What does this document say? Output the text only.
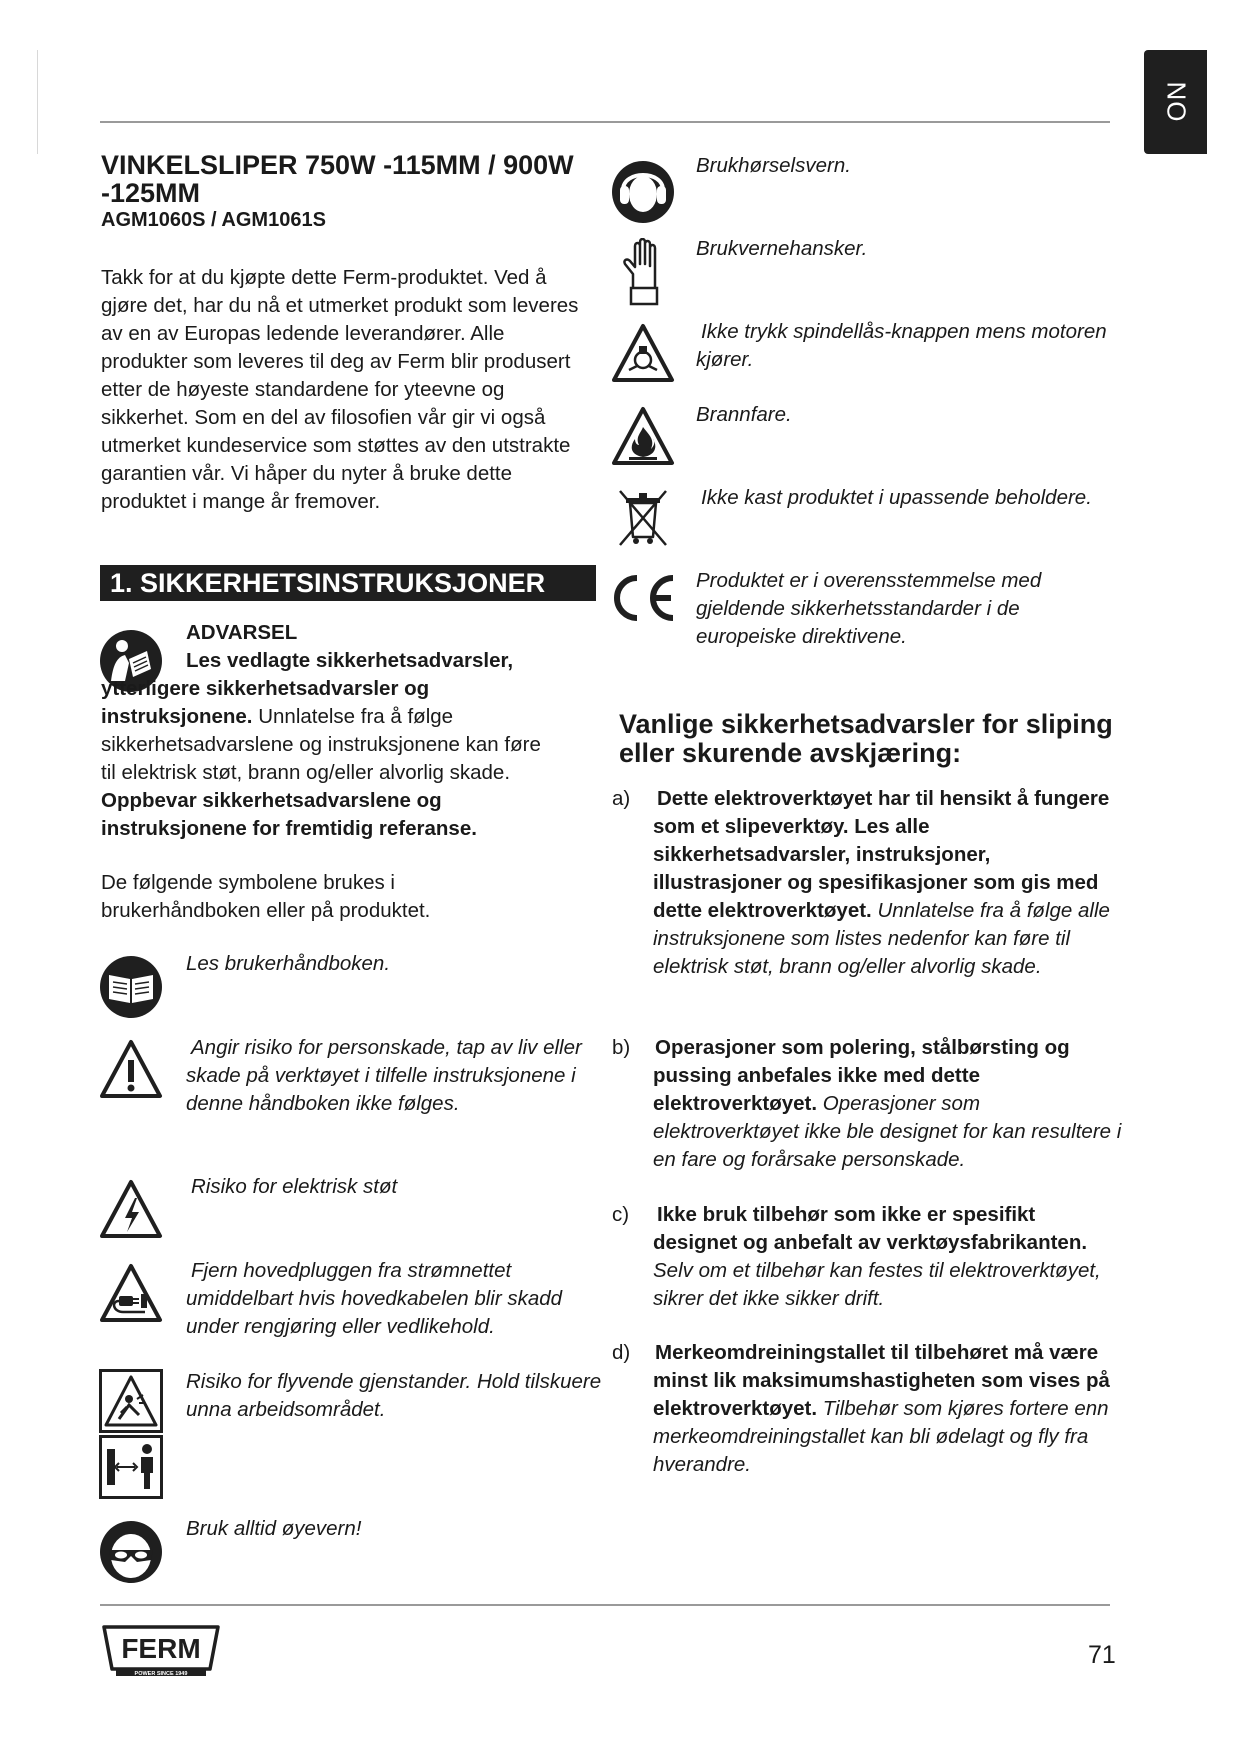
NO
VINKELSLIPER 750W -115MM / 900W -125MM
AGM1060S / AGM1061S
Takk for at du kjøpte dette Ferm-produktet. Ved å gjøre det, har du nå et utmerket produkt som leveres av en av Europas ledende leverandører. Alle produkter som leveres til deg av Ferm blir produsert etter de høyeste standardene for yteevne og sikkerhet. Som en del av filosofien vår gir vi også utmerket kundeservice som støttes av den utstrakte garantien vår. Vi håper du nyter å bruke dette produktet i mange år fremover.
1. SIKKERHETSINSTRUKSJONER
ADVARSEL
Les vedlagte sikkerhetsadvarsler, ytterligere sikkerhetsadvarsler og instruksjonene. Unnlatelse fra å følge sikkerhetsadvarslene og instruksjonene kan føre til elektrisk støt, brann og/eller alvorlig skade. Oppbevar sikkerhetsadvarslene og instruksjonene for fremtidig referanse.
De følgende symbolene brukes i brukerhåndboken eller på produktet.
Les brukerhåndboken.
Angir risiko for personskade, tap av liv eller skade på verktøyet i tilfelle instruksjonene i denne håndboken ikke følges.
Risiko for elektrisk støt
Fjern hovedpluggen fra strømnettet umiddelbart hvis hovedkabelen blir skadd under rengjøring eller vedlikehold.
Risiko for flyvende gjenstander. Hold tilskuere unna arbeidsområdet.
Bruk alltid øyevern!
Brukhørselsvern.
Brukvernehansker.
Ikke trykk spindellås-knappen mens motoren kjører.
Brannfare.
Ikke kast produktet i upassende beholdere.
Produktet er i overensstemmelse med gjeldende sikkerhetsstandarder i de europeiske direktivene.
Vanlige sikkerhetsadvarsler for sliping eller skurende avskjæring:
a) Dette elektroverktøyet har til hensikt å fungere som et slipeverktøy. Les alle sikkerhetsadvarsler, instruksjoner, illustrasjoner og spesifikasjoner som gis med dette elektroverktøyet. Unnlatelse fra å følge alle instruksjonene som listes nedenfor kan føre til elektrisk støt, brann og/eller alvorlig skade.
b) Operasjoner som polering, stålbørsting og pussing anbefales ikke med dette elektroverktøyet. Operasjoner som elektroverktøyet ikke ble designet for kan resultere i en fare og forårsake personskade.
c) Ikke bruk tilbehør som ikke er spesifikt designet og anbefalt av verktøysfabrikanten. Selv om et tilbehør kan festes til elektroverktøyet, sikrer det ikke sikker drift.
d) Merkeomdreiningstallet til tilbehøret må være minst lik maksimumshastigheten som vises på elektroverktøyet. Tilbehør som kjøres fortere enn merkeomdreiningstallet kan bli ødelagt og fly fra hverandre.
FERM
POWER SINCE 1949
71
